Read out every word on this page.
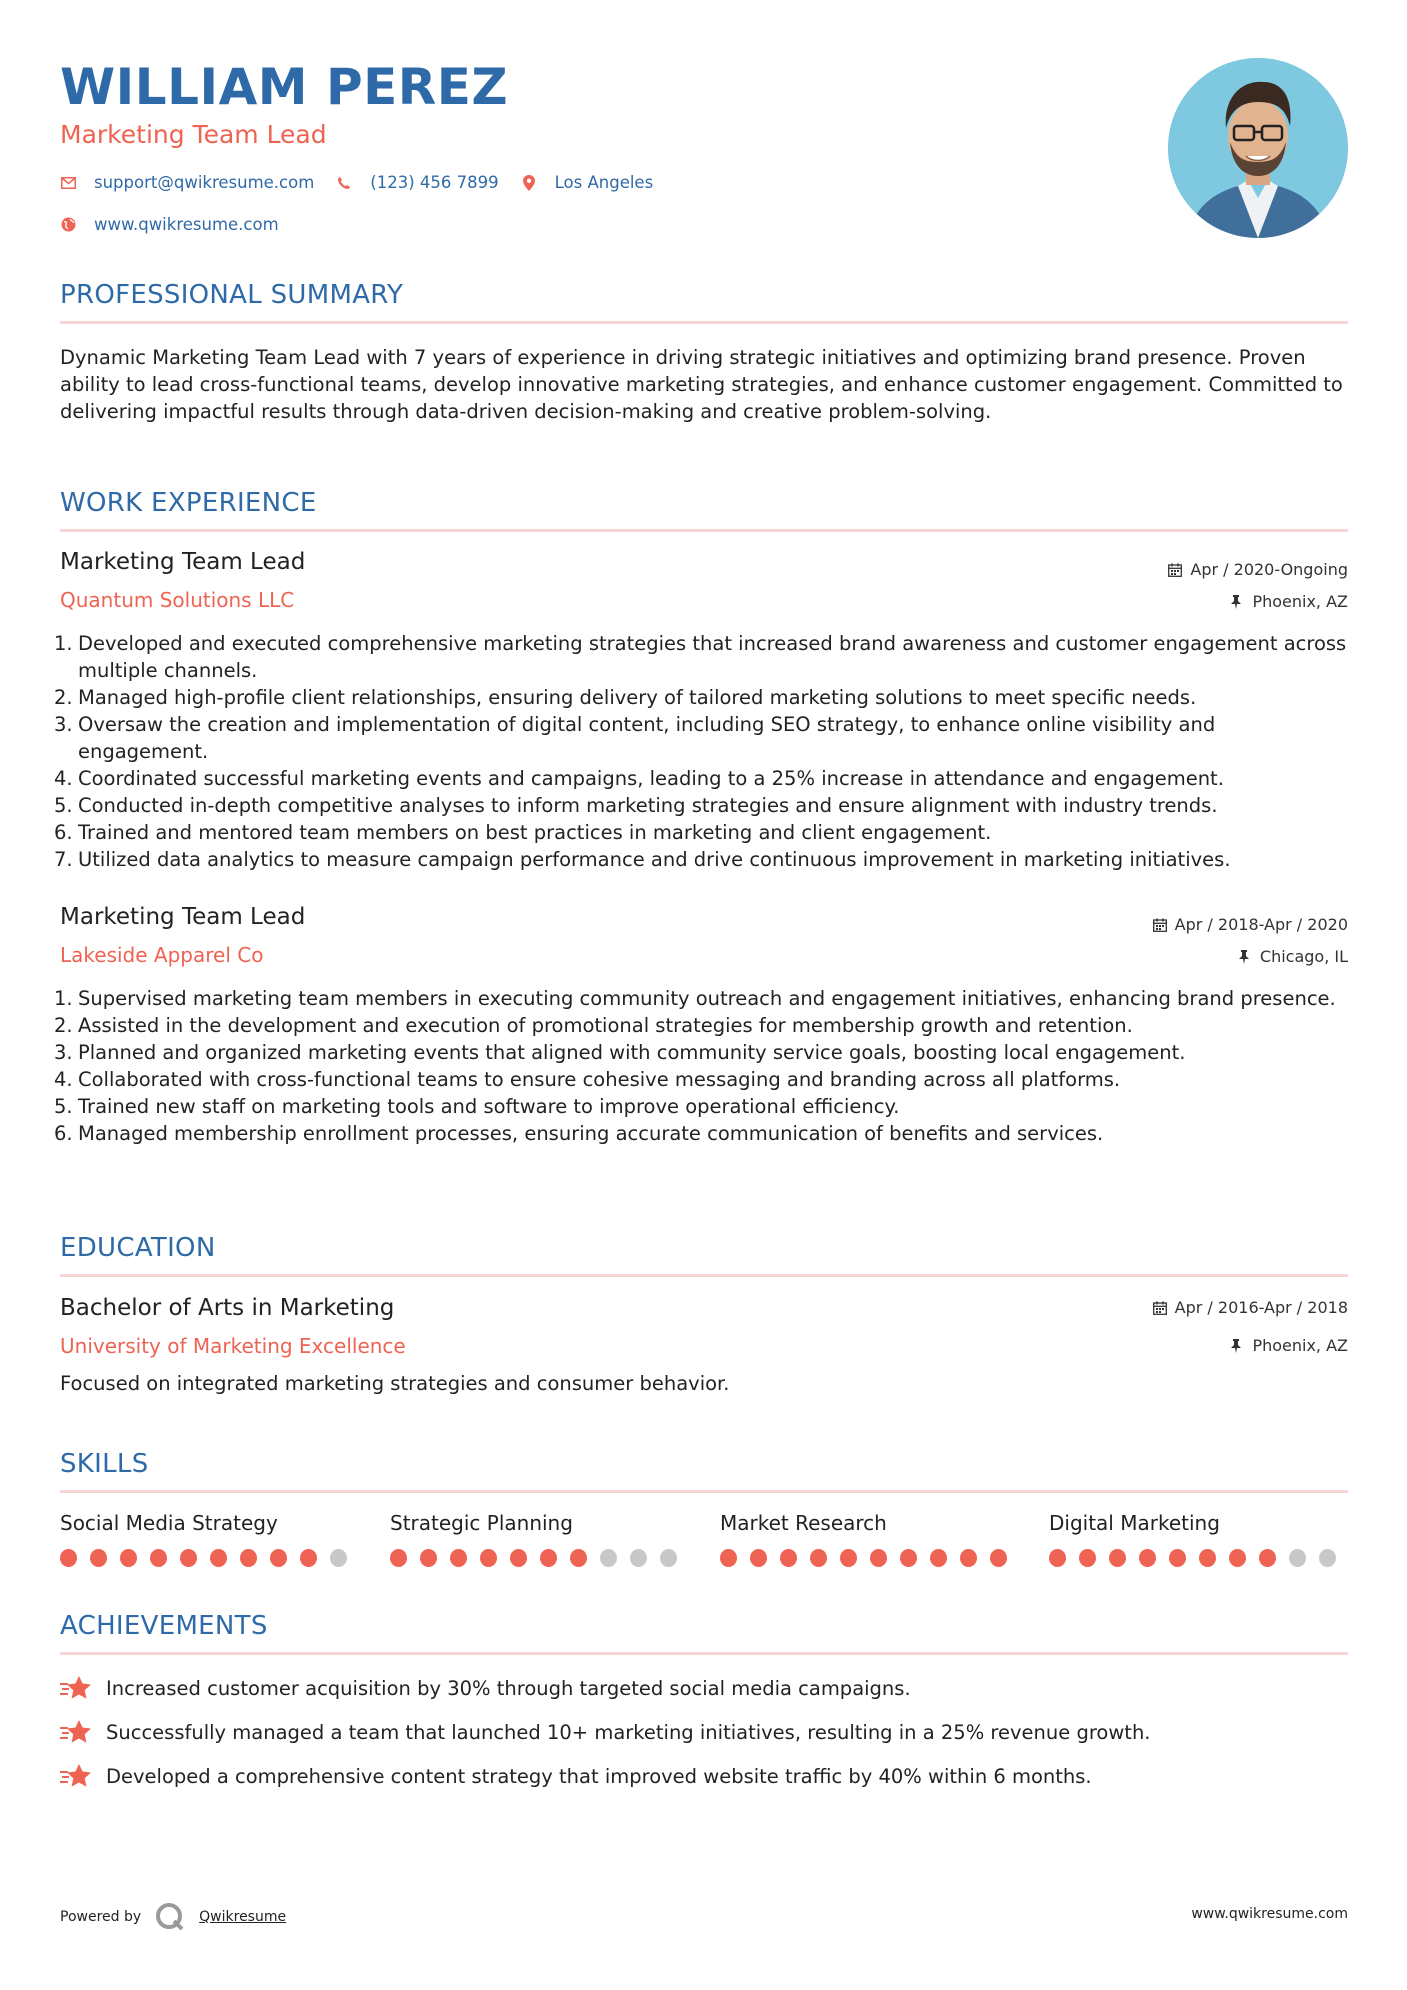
WILLIAM PEREZ
Marketing Team Lead
support@qwikresume.com	(123) 456 7899	Los Angeles
www.qwikresume.com
PROFESSIONAL SUMMARY
Dynamic Marketing Team Lead with 7 years of experience in driving strategic initiatives and optimizing brand presence. Proven ability to lead cross-functional teams, develop innovative marketing strategies, and enhance customer engagement. Committed to delivering impactful results through data-driven decision-making and creative problem-solving.
WORK EXPERIENCE
Marketing Team Lead
Quantum Solutions LLC
Apr / 2020-Ongoing
Phoenix, AZ
1. Developed and executed comprehensive marketing strategies that increased brand awareness and customer engagement across multiple channels.
2. Managed high-profile client relationships, ensuring delivery of tailored marketing solutions to meet specific needs.
3. Oversaw the creation and implementation of digital content, including SEO strategy, to enhance online visibility and engagement.
4. Coordinated successful marketing events and campaigns, leading to a 25% increase in attendance and engagement.
5. Conducted in-depth competitive analyses to inform marketing strategies and ensure alignment with industry trends.
6. Trained and mentored team members on best practices in marketing and client engagement.
7. Utilized data analytics to measure campaign performance and drive continuous improvement in marketing initiatives.
Marketing Team Lead
Lakeside Apparel Co
Apr / 2018-Apr / 2020
Chicago, IL
1. Supervised marketing team members in executing community outreach and engagement initiatives, enhancing brand presence.
2. Assisted in the development and execution of promotional strategies for membership growth and retention.
3. Planned and organized marketing events that aligned with community service goals, boosting local engagement.
4. Collaborated with cross-functional teams to ensure cohesive messaging and branding across all platforms.
5. Trained new staff on marketing tools and software to improve operational efficiency.
6. Managed membership enrollment processes, ensuring accurate communication of benefits and services.
EDUCATION
Bachelor of Arts in Marketing
University of Marketing Excellence
Apr / 2016-Apr / 2018
Phoenix, AZ
Focused on integrated marketing strategies and consumer behavior.
SKILLS
Social Media Strategy	Strategic Planning	Market Research	Digital Marketing
ACHIEVEMENTS
Increased customer acquisition by 30% through targeted social media campaigns.
Successfully managed a team that launched 10+ marketing initiatives, resulting in a 25% revenue growth.
Developed a comprehensive content strategy that improved website traffic by 40% within 6 months.
Powered by	Qwikresume	www.qwikresume.com
